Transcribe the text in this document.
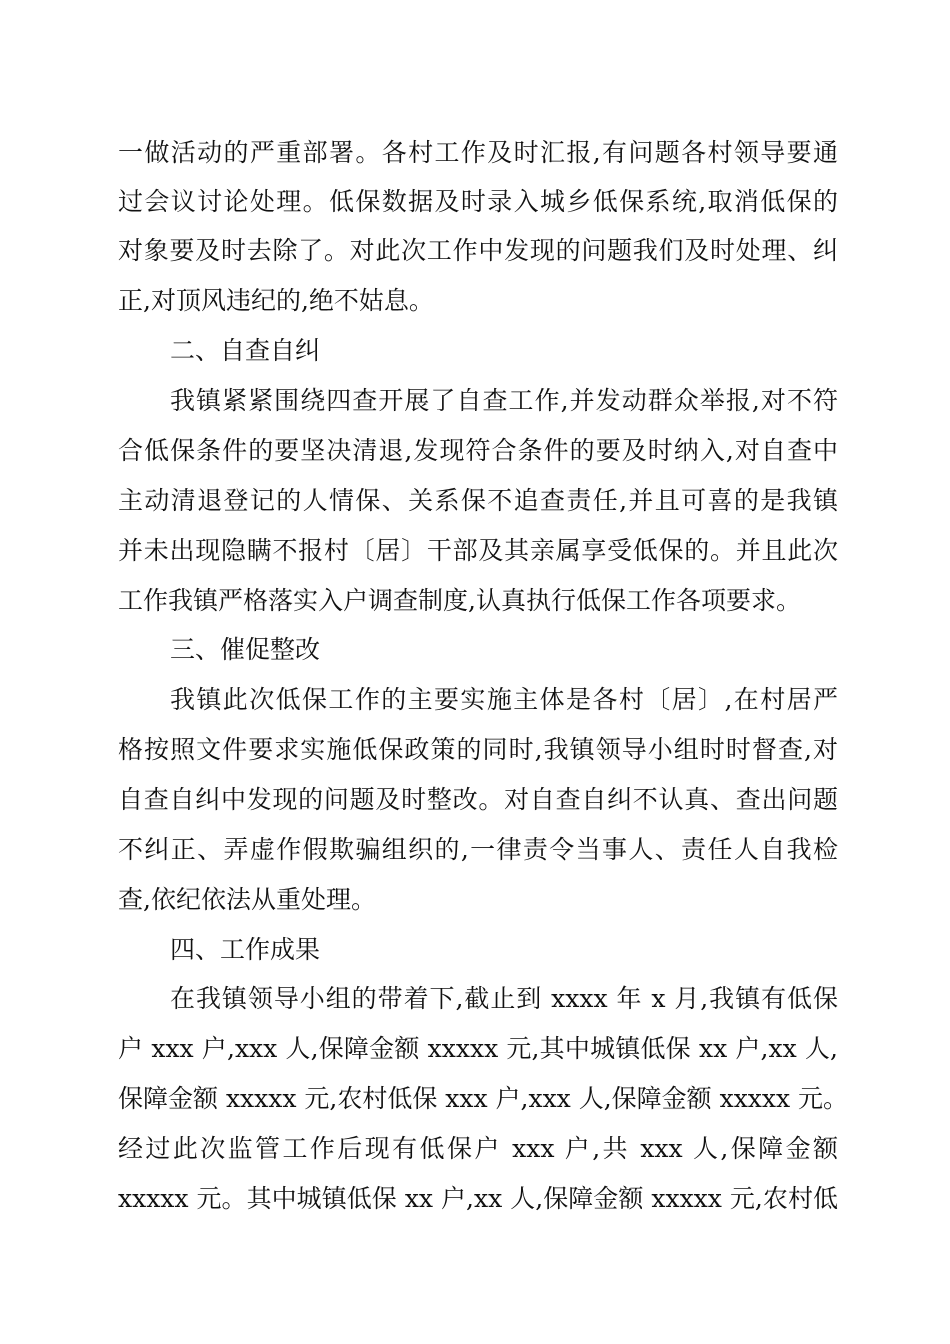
一做活动的严重部署。各村工作及时汇报,有问题各村领导要通
过会议讨论处理。低保数据及时录入城乡低保系统,取消低保的
对象要及时去除了。对此次工作中发现的问题我们及时处理、纠
正,对顶风违纪的,绝不姑息。
二、自查自纠
我镇紧紧围绕四查开展了自查工作,并发动群众举报,对不符
合低保条件的要坚决清退,发现符合条件的要及时纳入,对自查中
主动清退登记的人情保、关系保不追查责任,并且可喜的是我镇
并未出现隐瞒不报村〔居〕干部及其亲属享受低保的。并且此次
工作我镇严格落实入户调查制度,认真执行低保工作各项要求。
三、催促整改
我镇此次低保工作的主要实施主体是各村〔居〕,在村居严
格按照文件要求实施低保政策的同时,我镇领导小组时时督查,对
自查自纠中发现的问题及时整改。对自查自纠不认真、查出问题
不纠正、弄虚作假欺骗组织的,一律责令当事人、责任人自我检
查,依纪依法从重处理。
四、工作成果
在我镇领导小组的带着下,截止到 xxxx 年 x 月,我镇有低保
户 xxx 户,xxx 人,保障金额 xxxxx 元,其中城镇低保 xx 户,xx 人,
保障金额 xxxxx 元,农村低保 xxx 户,xxx 人,保障金额 xxxxx 元。
经过此次监管工作后现有低保户 xxx 户,共 xxx 人,保障金额
xxxxx 元。其中城镇低保 xx 户,xx 人,保障金额 xxxxx 元,农村低
